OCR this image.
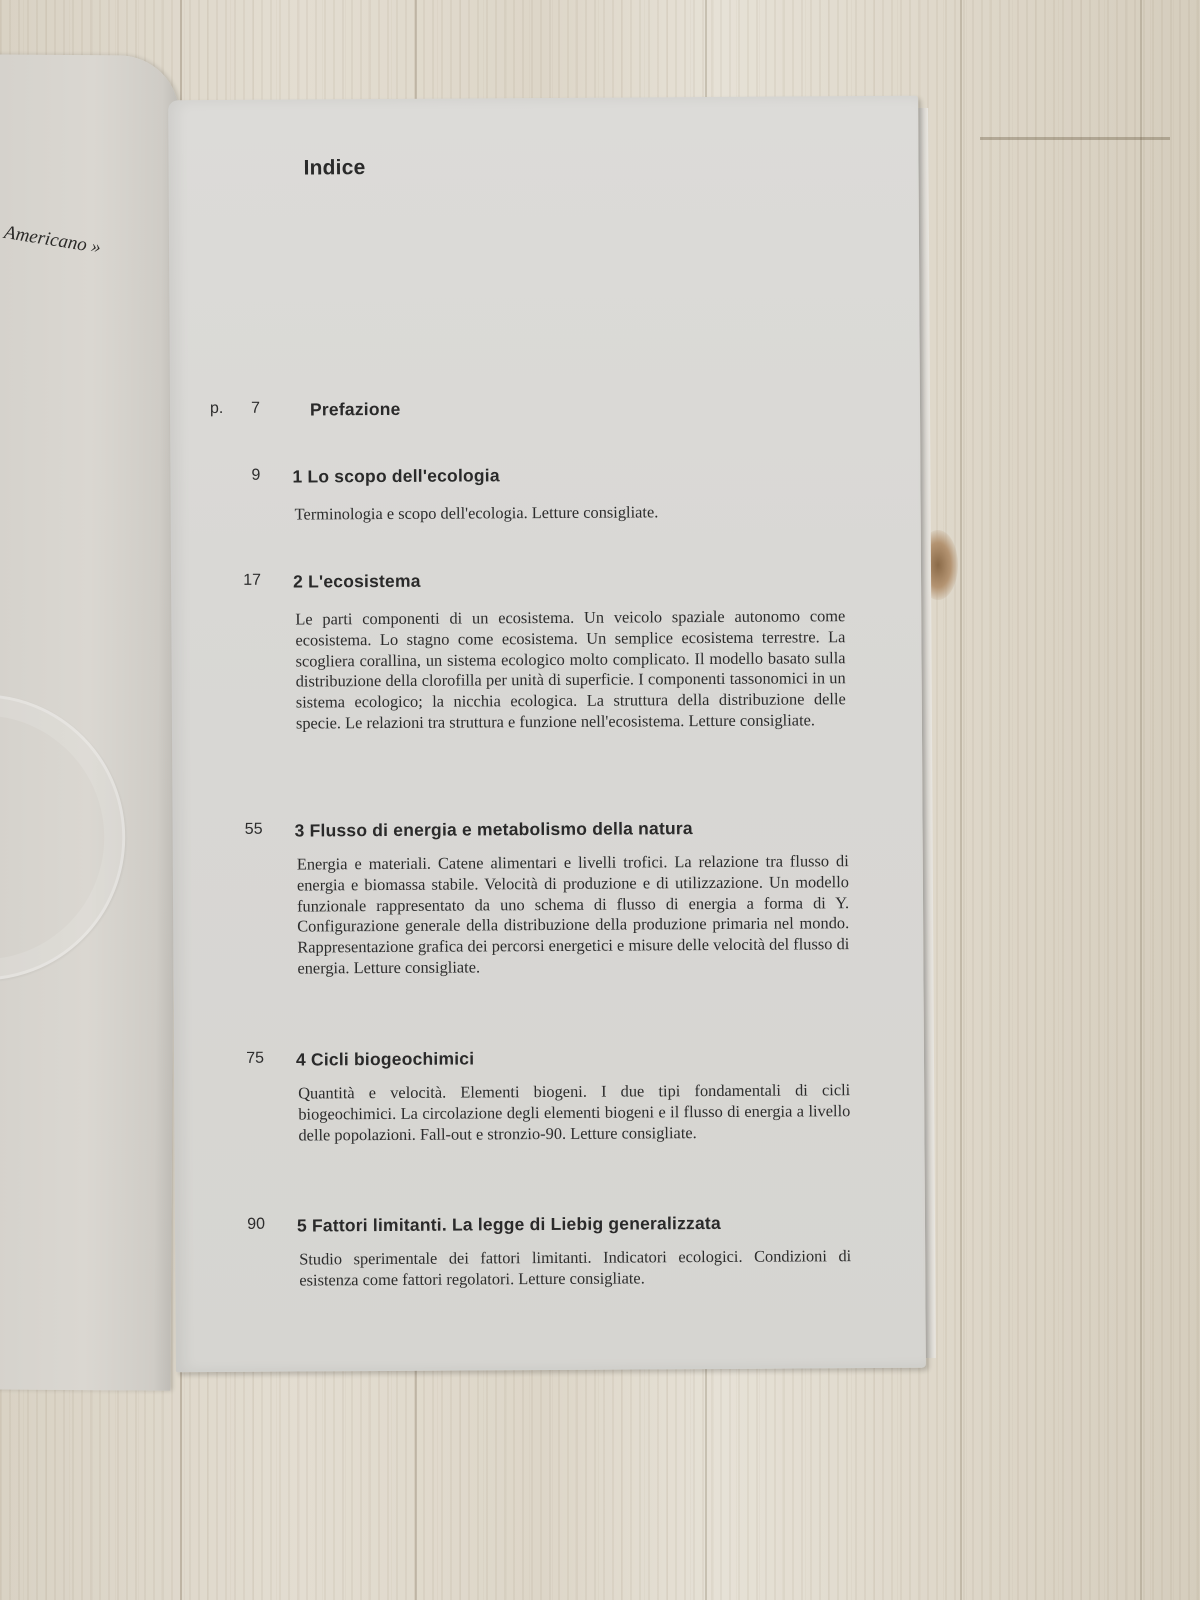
Americano »
Indice
p.	7	Prefazione
9 1 Lo scopo dell'ecologia
Terminologia e scopo dell'ecologia. Letture consigliate.
17 2 L'ecosistema
Le parti componenti di un ecosistema. Un veicolo spaziale autonomo come ecosistema. Lo stagno come ecosistema. Un semplice ecosistema terrestre. La scogliera corallina, un sistema ecologico molto complicato. Il modello basato sulla distribuzione della clorofilla per unità di superficie. I componenti tassonomici in un sistema ecologico; la nicchia ecologica. La struttura della distribuzione delle specie. Le relazioni tra struttura e funzione nell'ecosistema. Letture consigliate.
55 3 Flusso di energia e metabolismo della natura
Energia e materiali. Catene alimentari e livelli trofici. La relazione tra flusso di energia e biomassa stabile. Velocità di produzione e di utilizzazione. Un modello funzionale rappresentato da uno schema di flusso di energia a forma di Y. Configurazione generale della distribuzione della produzione primaria nel mondo. Rappresentazione grafica dei percorsi energetici e misure delle velocità del flusso di energia. Letture consigliate.
75 4 Cicli biogeochimici
Quantità e velocità. Elementi biogeni. I due tipi fondamentali di cicli biogeochimici. La circolazione degli elementi biogeni e il flusso di energia a livello delle popolazioni. Fall-out e stronzio-90. Letture consigliate.
90 5 Fattori limitanti. La legge di Liebig generalizzata
Studio sperimentale dei fattori limitanti. Indicatori ecologici. Condizioni di esistenza come fattori regolatori. Letture consigliate.
